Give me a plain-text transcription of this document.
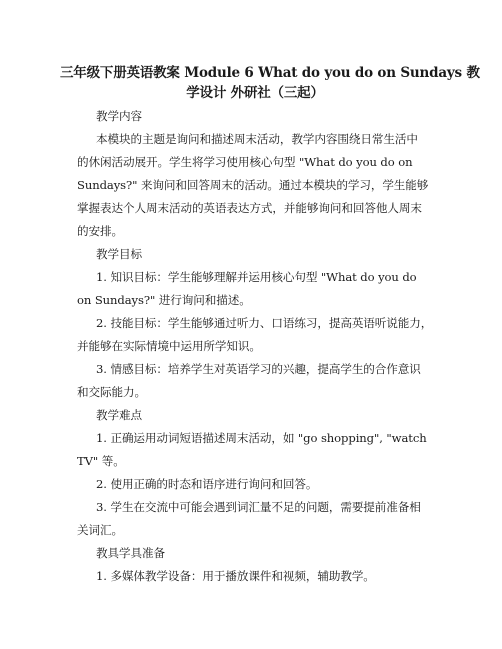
三年级下册英语教案 Module 6 What do you do on Sundays 教
学设计 外研社（三起）
教学内容
本模块的主题是询问和描述周末活动，教学内容围绕日常生活中
的休闲活动展开。学生将学习使用核心句型 "What do you do on
Sundays?" 来询问和回答周末的活动。通过本模块的学习，学生能够
掌握表达个人周末活动的英语表达方式，并能够询问和回答他人周末
的安排。
教学目标
1. 知识目标：学生能够理解并运用核心句型 "What do you do
on Sundays?" 进行询问和描述。
2. 技能目标：学生能够通过听力、口语练习，提高英语听说能力，
并能够在实际情境中运用所学知识。
3. 情感目标：培养学生对英语学习的兴趣，提高学生的合作意识
和交际能力。
教学难点
1. 正确运用动词短语描述周末活动，如 "go shopping", "watch
TV" 等。
2. 使用正确的时态和语序进行询问和回答。
3. 学生在交流中可能会遇到词汇量不足的问题，需要提前准备相
关词汇。
教具学具准备
1. 多媒体教学设备：用于播放课件和视频，辅助教学。
